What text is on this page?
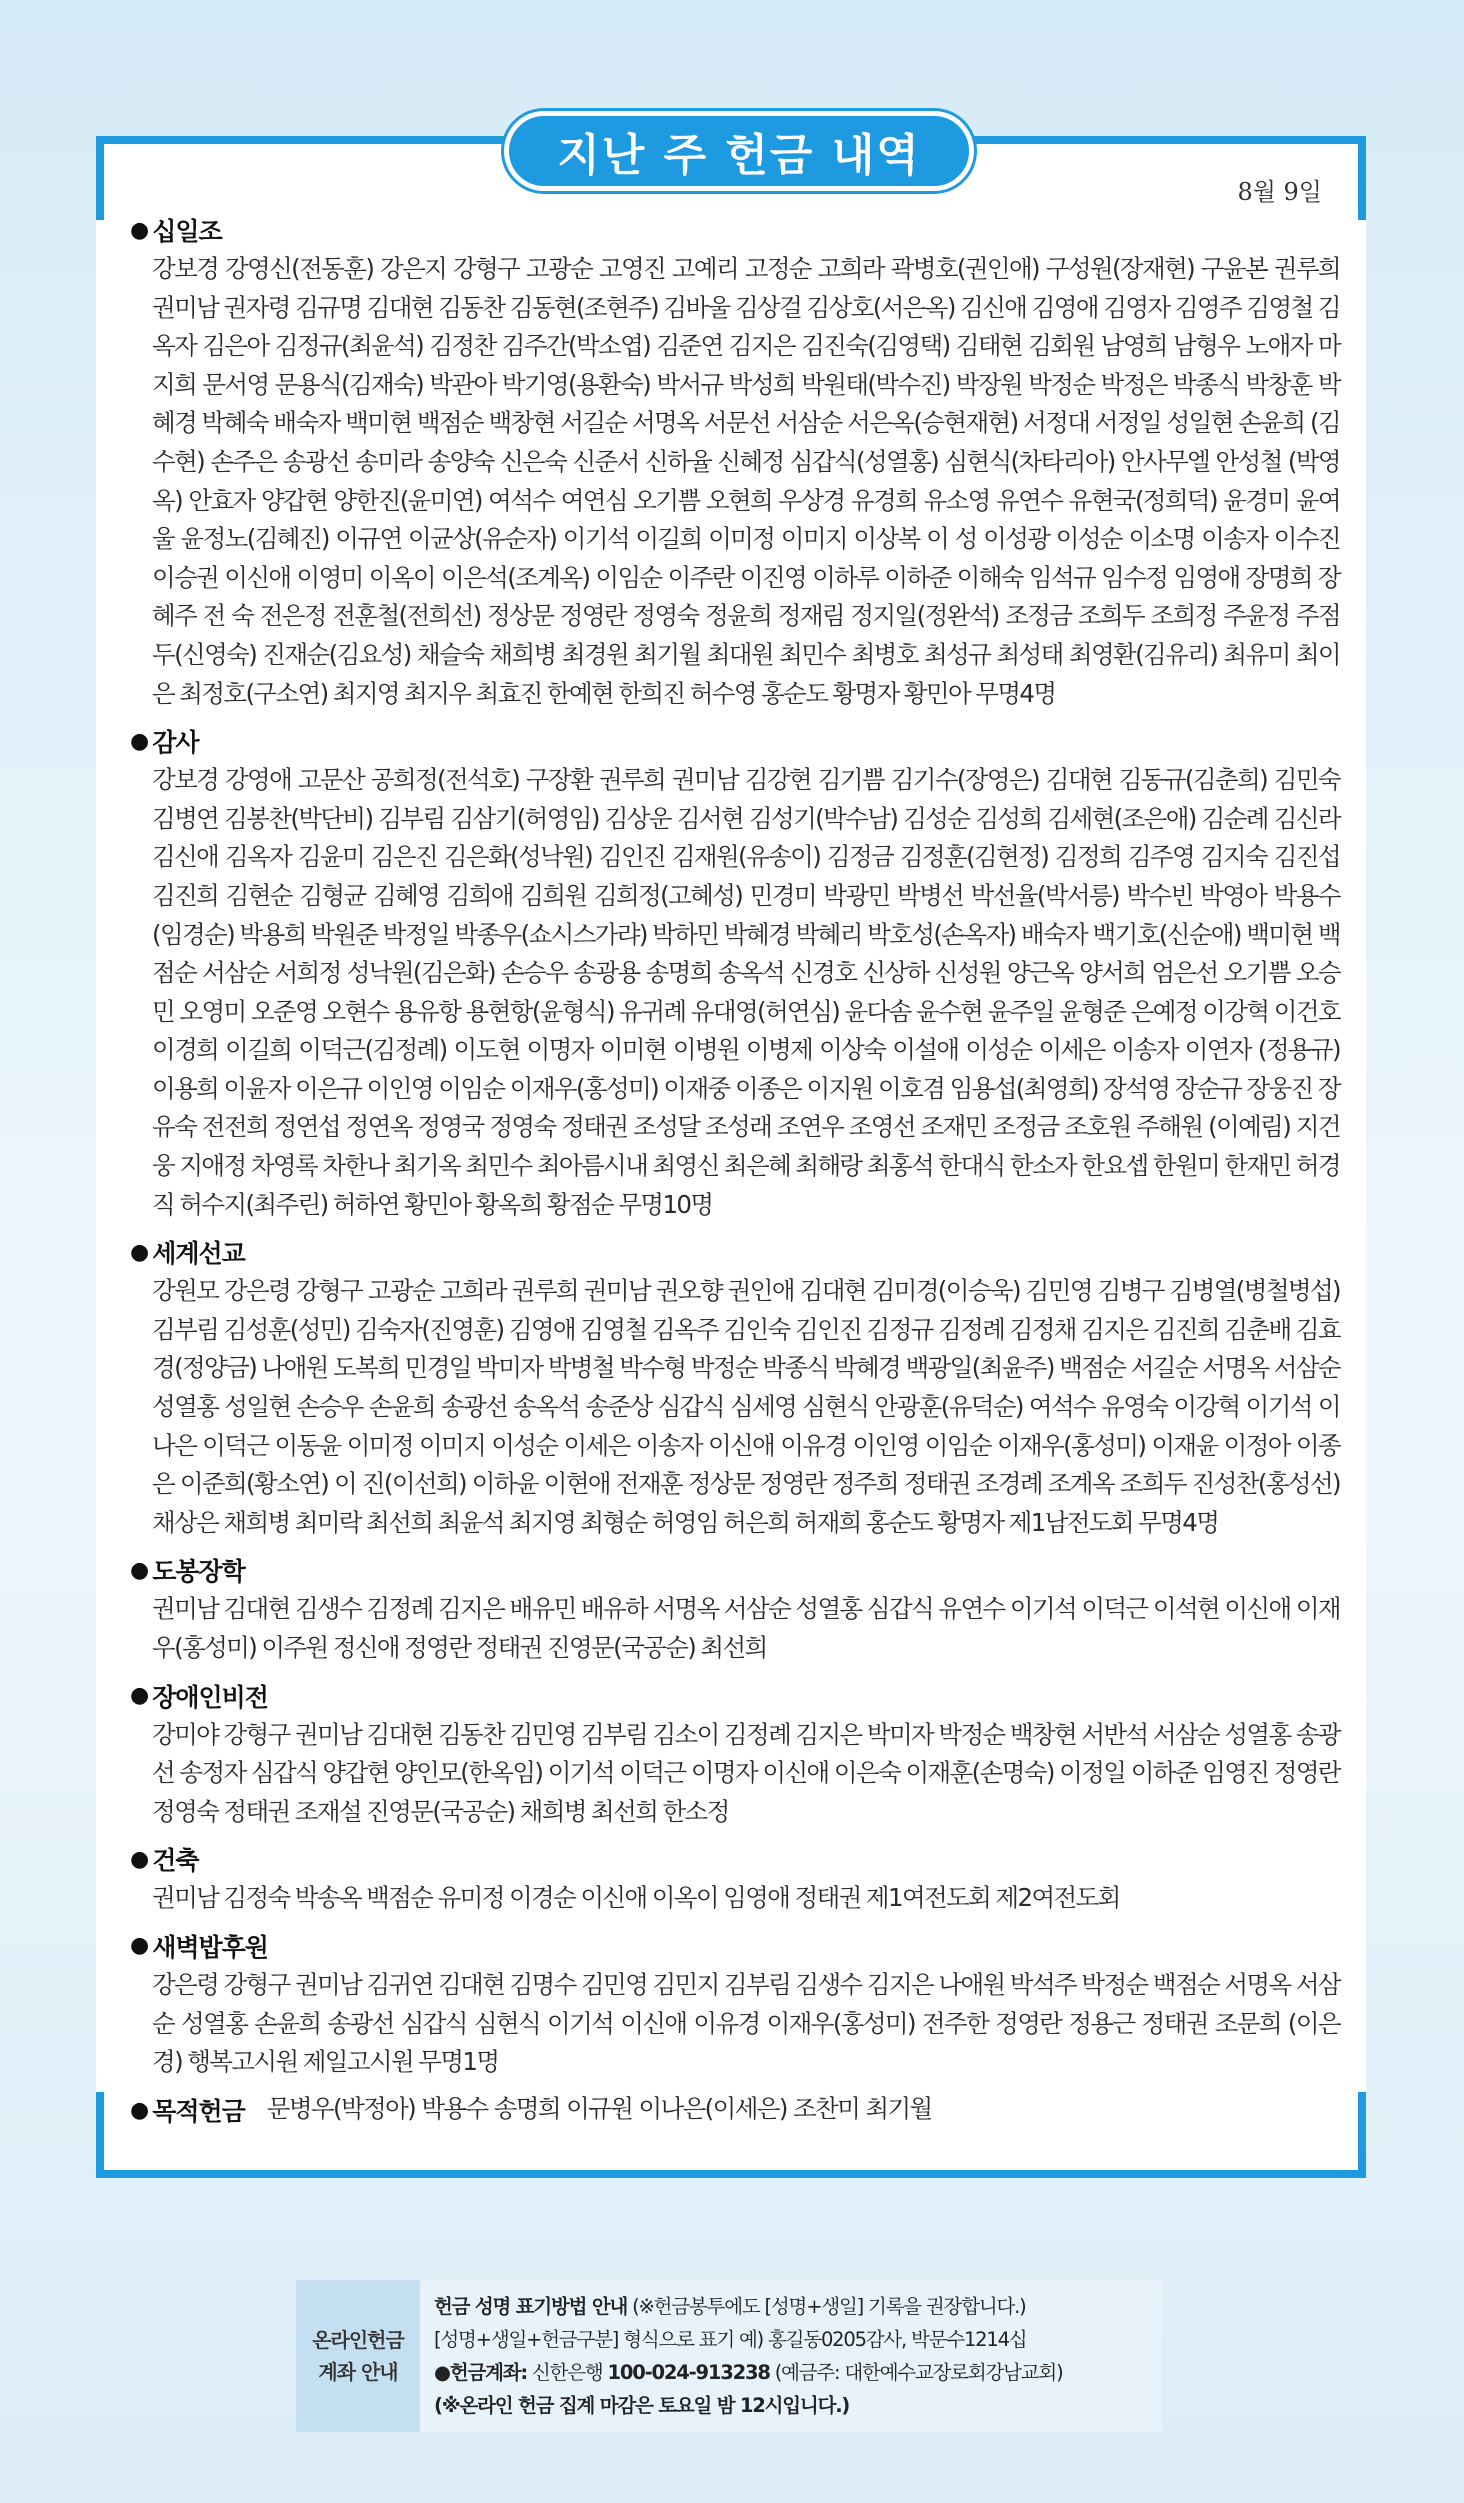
지난 주 헌금 내역
8월 9일
● 십일조
강보경 강영신(전동훈) 강은지 강형구 고광순 고영진 고예리 고정순 고희라 곽병호(권인애) 구성원(장재현) 구윤본 권루희 권미남 권자령 김규명 김대현 김동찬 김동현(조현주) 김바울 김상걸 김상호(서은옥) 김신애 김영애 김영자 김영주 김영철 김옥자 김은아 김정규(최윤석) 김정찬 김주간(박소엽) 김준연 김지은 김진숙(김영택) 김태현 김회원 남영희 남형우 노애자 마지희 문서영 문용식(김재숙) 박관아 박기영(용환숙) 박서규 박성희 박원태(박수진) 박장원 박정순 박정은 박종식 박창훈 박혜경 박혜숙 배숙자 백미현 백점순 백창현 서길순 서명옥 서문선 서삼순 서은옥(승현재현) 서정대 서정일 성일현 손윤희 (김수현) 손주은 송광선 송미라 송양숙 신은숙 신준서 신하율 신혜정 심갑식(성열홍) 심현식(차타리아) 안사무엘 안성철 (박영옥) 안효자 양갑현 양한진(윤미연) 여석수 여연심 오기쁨 오현희 우상경 유경희 유소영 유연수 유현국(정희덕) 윤경미 윤여울 윤정노(김혜진) 이규연 이균상(유순자) 이기석 이길희 이미정 이미지 이상복 이 성 이성광 이성순 이소명 이송자 이수진 이승권 이신애 이영미 이옥이 이은석(조계옥) 이임순 이주란 이진영 이하루 이하준 이해숙 임석규 임수정 임영애 장명희 장혜주 전 숙 전은정 전훈철(전희선) 정상문 정영란 정영숙 정윤희 정재림 정지일(정완석) 조정금 조희두 조희정 주윤정 주점두(신영숙) 진재순(김요성) 채슬숙 채희병 최경원 최기월 최대원 최민수 최병호 최성규 최성태 최영환(김유리) 최유미 최이은 최정호(구소연) 최지영 최지우 최효진 한예현 한희진 허수영 홍순도 황명자 황민아 무명4명
● 감사
강보경 강영애 고문산 공희정(전석호) 구장환 권루희 권미남 김강현 김기쁨 김기수(장영은) 김대현 김동규(김춘희) 김민숙 김병연 김봉찬(박단비) 김부림 김삼기(허영임) 김상운 김서현 김성기(박수남) 김성순 김성희 김세현(조은애) 김순례 김신라 김신애 김옥자 김윤미 김은진 김은화(성낙원) 김인진 김재원(유송이) 김정금 김정훈(김현정) 김정희 김주영 김지숙 김진섭 김진희 김현순 김형균 김혜영 김희애 김희원 김희정(고혜성) 민경미 박광민 박병선 박선율(박서릉) 박수빈 박영아 박용수 (임경순) 박용희 박원준 박정일 박종우(쇼시스가랴) 박하민 박혜경 박혜리 박호성(손옥자) 배숙자 백기호(신순애) 백미현 백점순 서삼순 서희정 성낙원(김은화) 손승우 송광용 송명희 송옥석 신경호 신상하 신성원 양근옥 양서희 엄은선 오기쁨 오승민 오영미 오준영 오현수 용유항 용현항(윤형식) 유귀례 유대영(허연심) 윤다솜 윤수현 윤주일 윤형준 은예정 이강혁 이건호 이경희 이길희 이덕근(김정례) 이도현 이명자 이미현 이병원 이병제 이상숙 이설애 이성순 이세은 이송자 이연자 (정용규) 이용희 이윤자 이은규 이인영 이임순 이재우(홍성미) 이재중 이종은 이지원 이호겸 임용섭(최영희) 장석영 장순규 장웅진 장유숙 전전희 정연섭 정연옥 정영국 정영숙 정태권 조성달 조성래 조연우 조영선 조재민 조정금 조호원 주해원 (이예림) 지건웅 지애정 차영록 차한나 최기옥 최민수 최아름시내 최영신 최은혜 최해랑 최홍석 한대식 한소자 한요셉 한원미 한재민 허경직 허수지(최주린) 허하연 황민아 황옥희 황점순 무명10명
● 세계선교
강원모 강은령 강형구 고광순 고희라 권루희 권미남 권오향 권인애 김대현 김미경(이승욱) 김민영 김병구 김병열(병철병섭) 김부림 김성훈(성민) 김숙자(진영훈) 김영애 김영철 김옥주 김인숙 김인진 김정규 김정례 김정채 김지은 김진희 김춘배 김효경(정양금) 나애원 도복희 민경일 박미자 박병철 박수형 박정순 박종식 박혜경 백광일(최윤주) 백점순 서길순 서명옥 서삼순 성열홍 성일현 손승우 손윤희 송광선 송옥석 송준상 심갑식 심세영 심현식 안광훈(유덕순) 여석수 유영숙 이강혁 이기석 이나은 이덕근 이동윤 이미정 이미지 이성순 이세은 이송자 이신애 이유경 이인영 이임순 이재우(홍성미) 이재윤 이정아 이종은 이준희(황소연) 이 진(이선희) 이하윤 이현애 전재훈 정상문 정영란 정주희 정태권 조경례 조계옥 조희두 진성찬(홍성선) 채상은 채희병 최미락 최선희 최윤석 최지영 최형순 허영임 허은희 허재희 홍순도 황명자 제1남전도회 무명4명
● 도봉장학
권미남 김대현 김생수 김정례 김지은 배유민 배유하 서명옥 서삼순 성열홍 심갑식 유연수 이기석 이덕근 이석현 이신애 이재우(홍성미) 이주원 정신애 정영란 정태권 진영문(국공순) 최선희
● 장애인비전
강미야 강형구 권미남 김대현 김동찬 김민영 김부림 김소이 김정례 김지은 박미자 박정순 백창현 서반석 서삼순 성열홍 송광선 송정자 심갑식 양갑현 양인모(한옥임) 이기석 이덕근 이명자 이신애 이은숙 이재훈(손명숙) 이정일 이하준 임영진 정영란 정영숙 정태권 조재설 진영문(국공순) 채희병 최선희 한소정
● 건축
권미남 김정숙 박송옥 백점순 유미정 이경순 이신애 이옥이 임영애 정태권 제1여전도회 제2여전도회
● 새벽밥후원
강은령 강형구 권미남 김귀연 김대현 김명수 김민영 김민지 김부림 김생수 김지은 나애원 박석주 박정순 백점순 서명옥 서삼순 성열홍 손윤희 송광선 심갑식 심현식 이기석 이신애 이유경 이재우(홍성미) 전주한 정영란 정용근 정태권 조문희 (이은경) 행복고시원 제일고시원 무명1명
● 목적헌금 문병우(박정아) 박용수 송명희 이규원 이나은(이세은) 조찬미 최기월
온라인헌금
계좌 안내
헌금 성명 표기방법 안내 (※헌금봉투에도 [성명+생일] 기록을 권장합니다.)
[성명+생일+헌금구분] 형식으로 표기 예) 홍길동0205감사, 박문수1214십
●헌금계좌: 신한은행 100-024-913238 (예금주: 대한예수교장로회강남교회)
(※온라인 헌금 집계 마감은 토요일 밤 12시입니다.)
